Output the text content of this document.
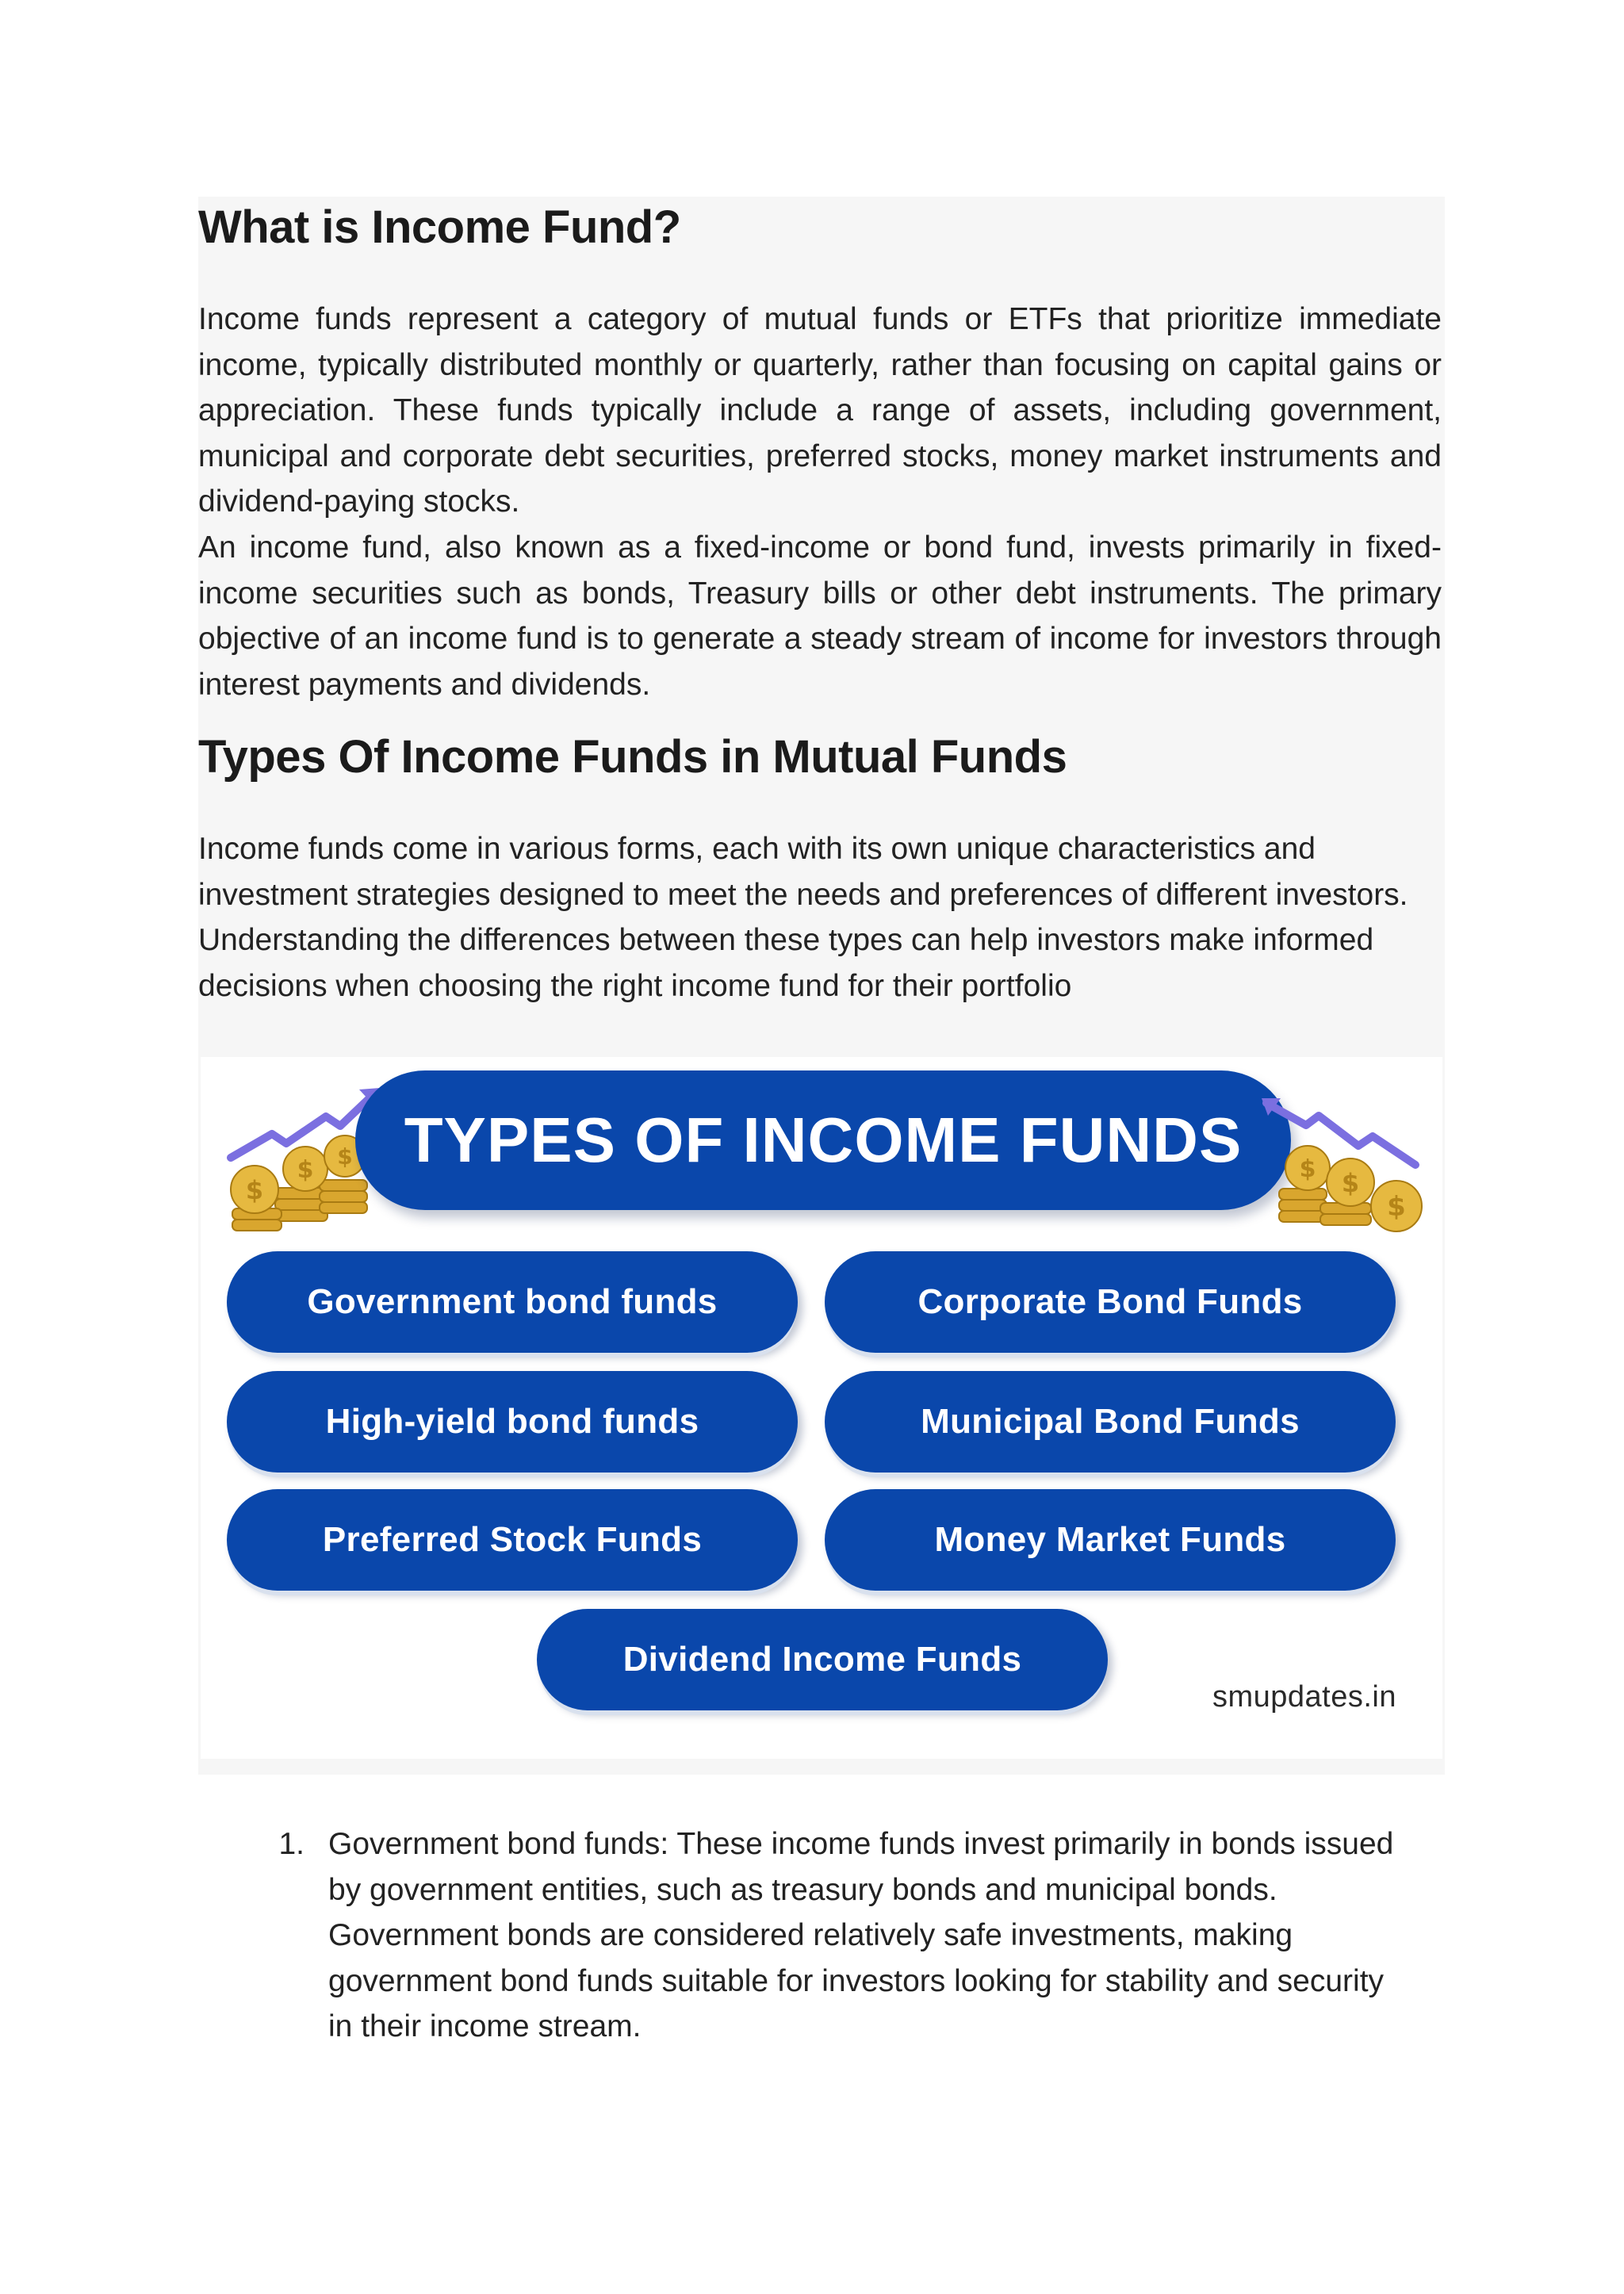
What is Income Fund?

Income funds represent a category of mutual funds or ETFs that prioritize immediate income, typically distributed monthly or quarterly, rather than focusing on capital gains or appreciation. These funds typically include a range of assets, including government, municipal and corporate debt securities, preferred stocks, money market instruments and dividend-paying stocks.

An income fund, also known as a fixed-income or bond fund, invests primarily in fixed-income securities such as bonds, Treasury bills or other debt instruments. The primary objective of an income fund is to generate a steady stream of income for investors through interest payments and dividends.

Types Of Income Funds in Mutual Funds

Income funds come in various forms, each with its own unique characteristics and investment strategies designed to meet the needs and preferences of different investors. Understanding the differences between these types can help investors make informed decisions when choosing the right income fund for their portfolio

$
$ $ TYPES OF INCOME FUNDS	$ $
$
Government bond funds	Corporate Bond Funds
High-yield bond funds	Municipal Bond Funds
Preferred Stock Funds	Money Market Funds
Dividend Income Funds
smupdates.in
1. Government bond funds: These income funds invest primarily in bonds issued by government entities, such as treasury bonds and municipal bonds. Government bonds are considered relatively safe investments, making government bond funds suitable for investors looking for stability and security in their income stream.
